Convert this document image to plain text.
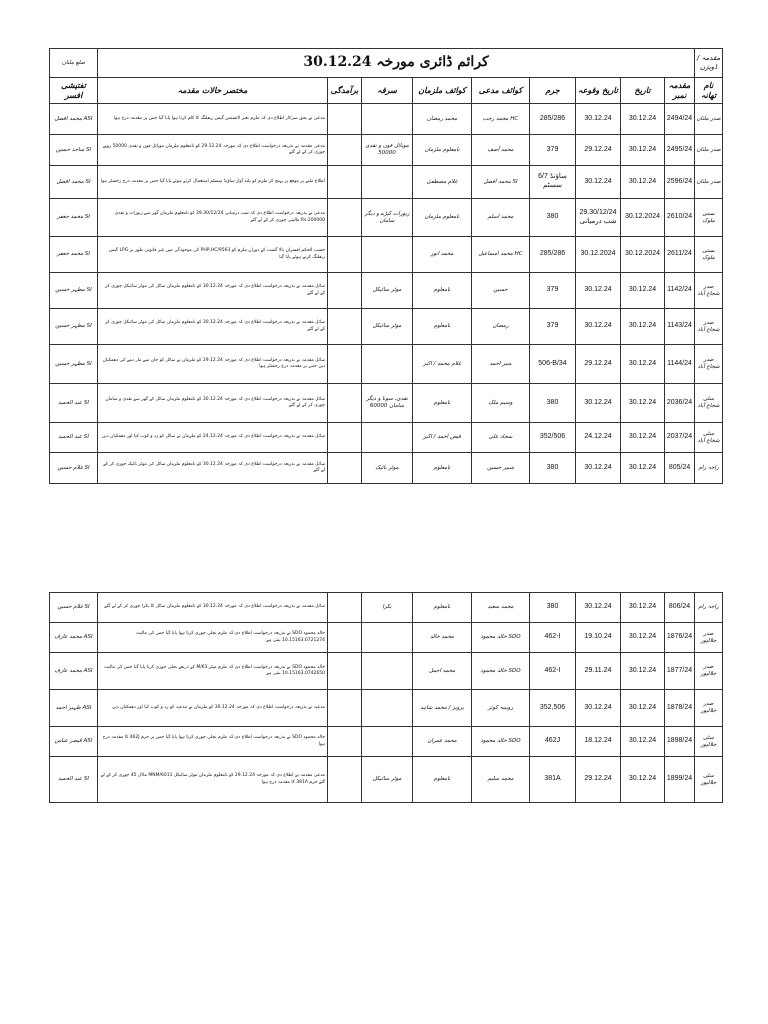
ضلع ملتان	کرائم ڈائری مورخہ 30.12.24									مقدمہ / ڈویژن
تفتیشی افسر	مختصر حالات مقدمہ	برآمدگی	سرقہ	کوائف ملزمان	کوائف مدعی	جرم	تاریخ وقوعہ	تاریخ	مقدمہ نمبر	نام تھانہ
محمد افضل ASI	مدعی نے بحق سرکار اطلاع دی کہ ملزم بغیر لائسنس گیس ریفلنگ کا کام کرتا ہوا پایا گیا جس پر مقدمہ درج ہوا			محمد رمضان	محمد رجب HC	285/286	30.12.24	30.12.24	2494/24	صدر ملتان
ساجد حسین SI	مدعی مقدمہ نے بذریعہ درخواست اطلاع دی کہ مورخہ 29.12.24 کو نامعلوم ملزمان موبائل فون و نقدی 50000 روپے چوری کر کے لے گئے		موبائل فون و نقدی 50000	نامعلوم ملزمان	محمد آصف	379	29.12.24	30.12.24	2495/24	صدر ملتان
محمد افضل SI	اطلاع ملنے پر موقع پر پہنچ کر ملزم کو بلند آواز ساؤنڈ سسٹم استعمال کرتے ہوئے پایا گیا جس پر مقدمہ درج رجسٹر ہوا			غلام مصطفیٰ	محمد افضل SI	6/7 ساؤنڈ سسٹم	30.12.24	30.12.24	2596/24	صدر ملتان
محمد جعفر SI	مدعی نے بذریعہ درخواست اطلاع دی کہ شب درمیانی 29.30/12/24 کو نامعلوم ملزمان گھر سے زیورات و نقدی Rs.200000 مالیتی چوری کر کے لے گئے		زیورات کپڑے و دیگر سامان	نامعلوم ملزمان	محمد اسلم	380	29.30/12/24 شب درمیانی	30.12.2024	2610/24	بستی ملوک
محمد جعفر SI	حسب الحکم افسران بالا گشت کے دوران ملزم کو PHP,HC/9563 کی موجودگی میں غیر قانونی طور پر LPG گیس ریفلنگ کرتے ہوئے پایا گیا			محمد انور	محمد اسماعیل HC	285/286	30.12.2024	30.12.2024	2611/24	بستی ملوک
مظہر حسین SI	سائل مقدمہ نے بذریعہ درخواست اطلاع دی کہ مورخہ 30.12.24 کو نامعلوم ملزمان سائل کی موٹر سائیکل چوری کر کے لے گئے		موٹر سائیکل	نامعلوم	حسین	379	30.12.24	30.12.24	1142/24	صدر شجاع آباد
مظہر حسین SI	سائل مقدمہ نے بذریعہ درخواست اطلاع دی کہ مورخہ 30.12.24 کو نامعلوم ملزمان سائل کی موٹر سائیکل چوری کر کے لے گئے		موٹر سائیکل	نامعلوم	رمضان	379	30.12.24	30.12.24	1143/24	صدر شجاع آباد
مظہر حسین SI	سائل مقدمہ نے بذریعہ درخواست اطلاع دی کہ مورخہ 29.12.24 کو ملزمان نے سائل کو جان سے مار دینے کی دھمکیاں دیں جس پر مقدمہ درج رجسٹر ہوا			غلام محمد / اکبر	منیر احمد	506-B/34	29.12.24	30.12.24	1144/24	صدر شجاع آباد
عبد الحمید SI	سائل مقدمہ نے بذریعہ درخواست اطلاع دی کہ مورخہ 30.12.24 کو نامعلوم ملزمان سائل کے گھر سے نقدی و سامان چوری کر کے لے گئے		نقدی، سونا و دیگر سامان 60000	نامعلوم	وسیم ملک	380	30.12.24	30.12.24	2036/24	سٹی شجاع آباد
عبد الحمید SI	سائل مقدمہ نے بذریعہ درخواست اطلاع دی کہ مورخہ 24.12.24 کو ملزمان نے سائل کو زد و کوب کیا اور دھمکیاں دیں			فیض احمد / اکبر	سجاد علی	352/506	24.12.24	30.12.24	2037/24	سٹی شجاع آباد
غلام حسین SI	سائل مقدمہ نے بذریعہ درخواست اطلاع دی کہ مورخہ 30.12.24 کو نامعلوم ملزمان سائل کی موٹر بائیک چوری کر کے لے گئے		موٹر بائیک	نامعلوم	شبیر حسین	380	30.12.24	30.12.24	805/24	راجہ رام
غلام حسین SI	سائل مقدمہ نے بذریعہ درخواست اطلاع دی کہ مورخہ 30.12.24 کو نامعلوم ملزمان سائل کا بکرا چوری کر کے لے گئے		بکرا	نامعلوم	محمد سعید	380	30.12.24	30.12.24	806/24	راجہ رام
محمد عارف ASI	خالد محمود SDO نے بذریعہ درخواست اطلاع دی کہ ملزم بجلی چوری کرتا ہوا پایا گیا جس کی مالیت 10.15163.0721274 بنتی ہے			محمد خالد	خالد محمود SDO	462-I	19.10.24	30.12.24	1876/24	صدر جلالپور
محمد عارف ASI	خالد محمود SDO نے بذریعہ درخواست اطلاع دی کہ ملزم میٹر M/63 کے ذریعے بجلی چوری کرتا پایا گیا جس کی مالیت 10.15163.0742650 بنتی ہے			محمد اجمل	خالد محمود SDO	462-I	29.11.24	30.12.24	1877/24	صدر جلالپور
ظہیر احمد ASI	مدعیہ نے بذریعہ درخواست اطلاع دی کہ مورخہ 30.12.24 کو ملزمان نے مدعیہ کو زد و کوب کیا اور دھمکیاں دیں			پرویز / محمد شاہد	روبینہ کوثر	352,506	30.12.24	30.12.24	1878/24	صدر جلالپور
قیصر عباس ASI	خالد محمود SDO نے بذریعہ درخواست اطلاع دی کہ ملزم بجلی چوری کرتا ہوا پایا گیا جس پر جرم 462J کا مقدمہ درج ہوا			محمد عمران	خالد محمود SDO	462J	18.12.24	30.12.24	1898/24	سٹی جلالپور
عبد الحمید SI	مدعی مقدمہ نے اطلاع دی کہ مورخہ 29.12.24 کو نامعلوم ملزمان موٹر سائیکل MNM/6011 ماڈل 45 چوری کر کے لے گئے جرم 381A کا مقدمہ درج ہوا		موٹر سائیکل	نامعلوم	محمد سلیم	381A	29.12.24	30.12.24	1899/24	سٹی جلالپور
